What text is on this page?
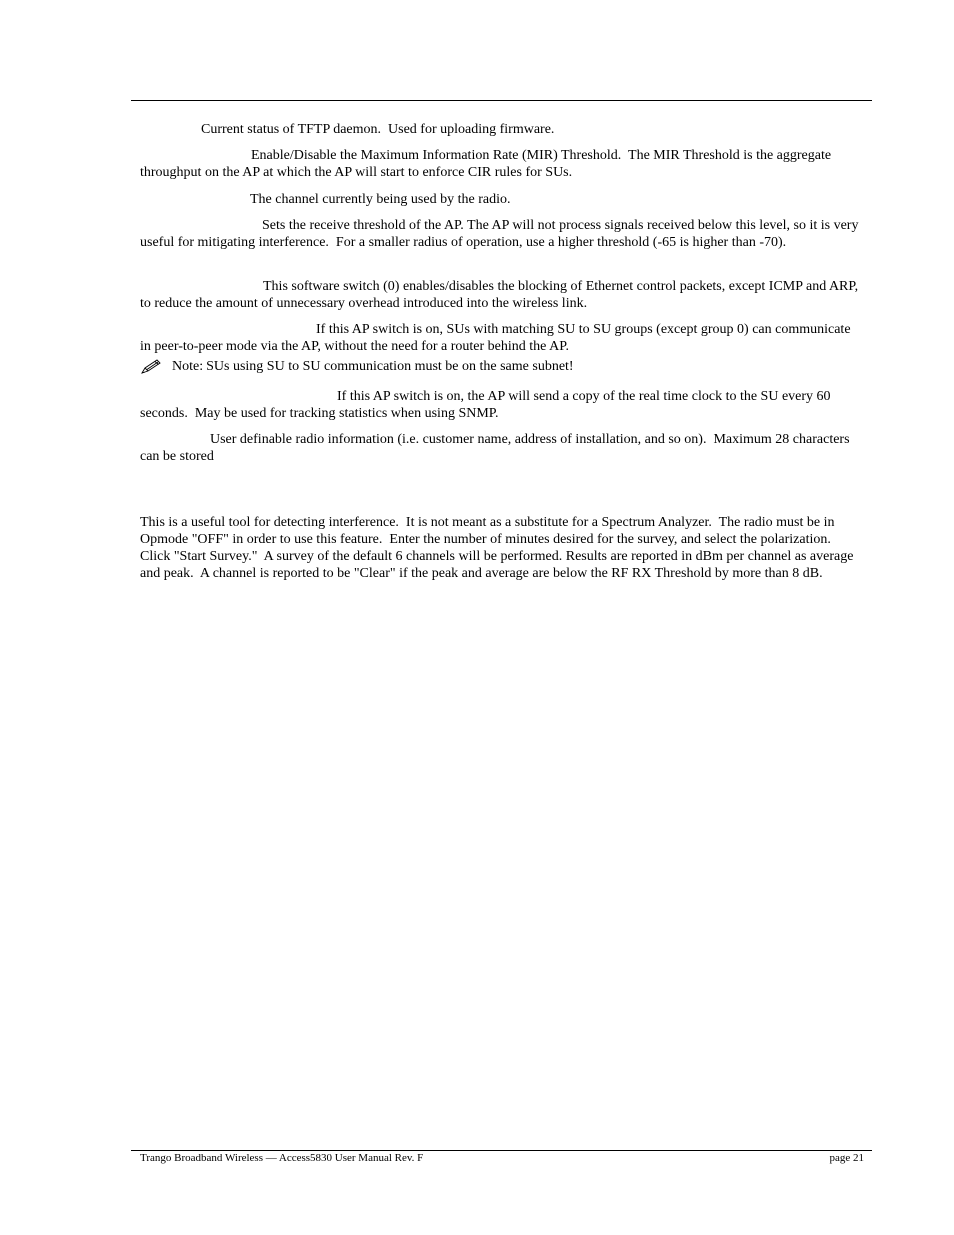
Current status of TFTP daemon.  Used for uploading firmware.

Enable/Disable the Maximum Information Rate (MIR) Threshold.  The MIR Threshold is the aggregate throughput on the AP at which the AP will start to enforce CIR rules for SUs.

The channel currently being used by the radio.

Sets the receive threshold of the AP. The AP will not process signals received below this level, so it is very useful for mitigating interference.  For a smaller radius of operation, use a higher threshold (-65 is higher than -70).

This software switch (0) enables/disables the blocking of Ethernet control packets, except ICMP and ARP, to reduce the amount of unnecessary overhead introduced into the wireless link.

If this AP switch is on, SUs with matching SU to SU groups (except group 0) can communicate in peer-to-peer mode via the AP, without the need for a router behind the AP.

Note: SUs using SU to SU communication must be on the same subnet!

If this AP switch is on, the AP will send a copy of the real time clock to the SU every 60 seconds.  May be used for tracking statistics when using SNMP.

User definable radio information (i.e. customer name, address of installation, and so on).  Maximum 28 characters can be stored

This is a useful tool for detecting interference.  It is not meant as a substitute for a Spectrum Analyzer.  The radio must be in Opmode "OFF" in order to use this feature.  Enter the number of minutes desired for the survey, and select the polarization. Click "Start Survey."  A survey of the default 6 channels will be performed. Results are reported in dBm per channel as average and peak.  A channel is reported to be "Clear" if the peak and average are below the RF RX Threshold by more than 8 dB.

Trango Broadband Wireless — Access5830 User Manual Rev. F	page 21
